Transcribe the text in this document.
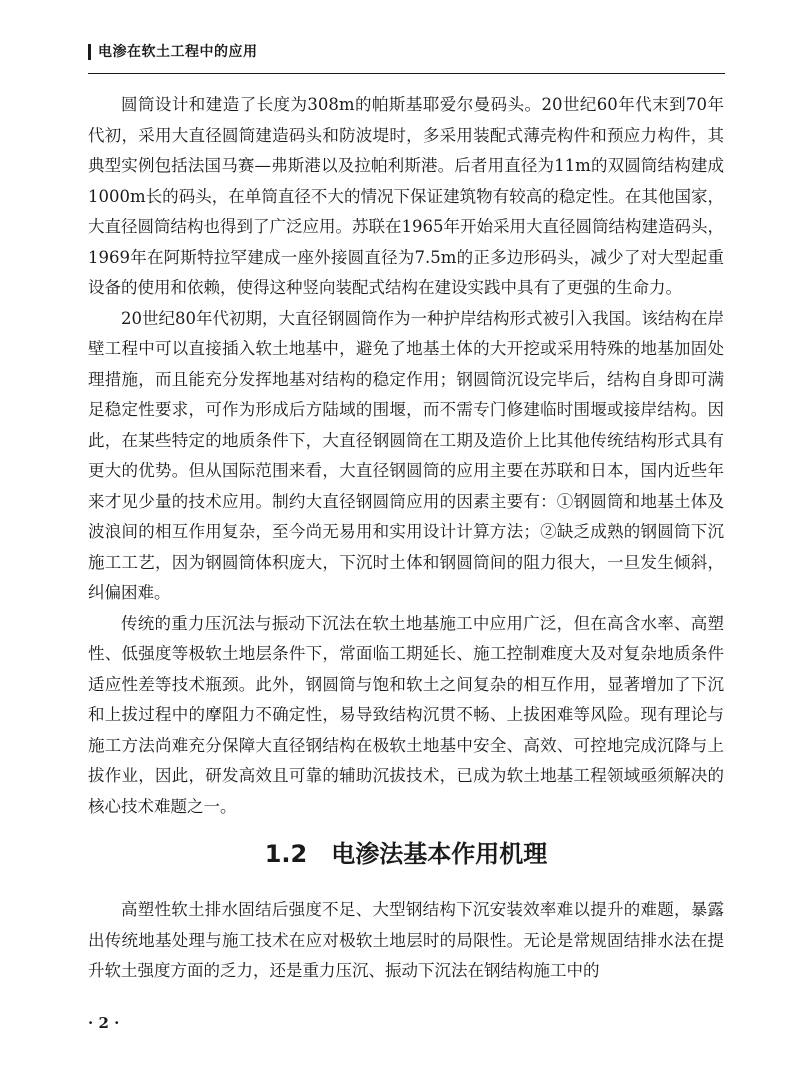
电渗在软土工程中的应用

圆筒设计和建造了长度为308m的帕斯基耶爱尔曼码头。20世纪60年代末到70年代初，采用大直径圆筒建造码头和防波堤时，多采用装配式薄壳构件和预应力构件，其典型实例包括法国马赛—弗斯港以及拉帕利斯港。后者用直径为11m的双圆筒结构建成1000m长的码头，在单筒直径不大的情况下保证建筑物有较高的稳定性。在其他国家，大直径圆筒结构也得到了广泛应用。苏联在1965年开始采用大直径圆筒结构建造码头，1969年在阿斯特拉罕建成一座外接圆直径为7.5m的正多边形码头，减少了对大型起重设备的使用和依赖，使得这种竖向装配式结构在建设实践中具有了更强的生命力。

20世纪80年代初期，大直径钢圆筒作为一种护岸结构形式被引入我国。该结构在岸壁工程中可以直接插入软土地基中，避免了地基土体的大开挖或采用特殊的地基加固处理措施，而且能充分发挥地基对结构的稳定作用；钢圆筒沉设完毕后，结构自身即可满足稳定性要求，可作为形成后方陆域的围堰，而不需专门修建临时围堰或接岸结构。因此，在某些特定的地质条件下，大直径钢圆筒在工期及造价上比其他传统结构形式具有更大的优势。但从国际范围来看，大直径钢圆筒的应用主要在苏联和日本，国内近些年来才见少量的技术应用。制约大直径钢圆筒应用的因素主要有：①钢圆筒和地基土体及波浪间的相互作用复杂，至今尚无易用和实用设计计算方法；②缺乏成熟的钢圆筒下沉施工工艺，因为钢圆筒体积庞大，下沉时土体和钢圆筒间的阻力很大，一旦发生倾斜，纠偏困难。

传统的重力压沉法与振动下沉法在软土地基施工中应用广泛，但在高含水率、高塑性、低强度等极软土地层条件下，常面临工期延长、施工控制难度大及对复杂地质条件适应性差等技术瓶颈。此外，钢圆筒与饱和软土之间复杂的相互作用，显著增加了下沉和上拔过程中的摩阻力不确定性，易导致结构沉贯不畅、上拔困难等风险。现有理论与施工方法尚难充分保障大直径钢结构在极软土地基中安全、高效、可控地完成沉降与上拔作业，因此，研发高效且可靠的辅助沉拔技术，已成为软土地基工程领域亟须解决的核心技术难题之一。

1.2 电渗法基本作用机理

高塑性软土排水固结后强度不足、大型钢结构下沉安装效率难以提升的难题，暴露出传统地基处理与施工技术在应对极软土地层时的局限性。无论是常规固结排水法在提升软土强度方面的乏力，还是重力压沉、振动下沉法在钢结构施工中的

· 2 ·
